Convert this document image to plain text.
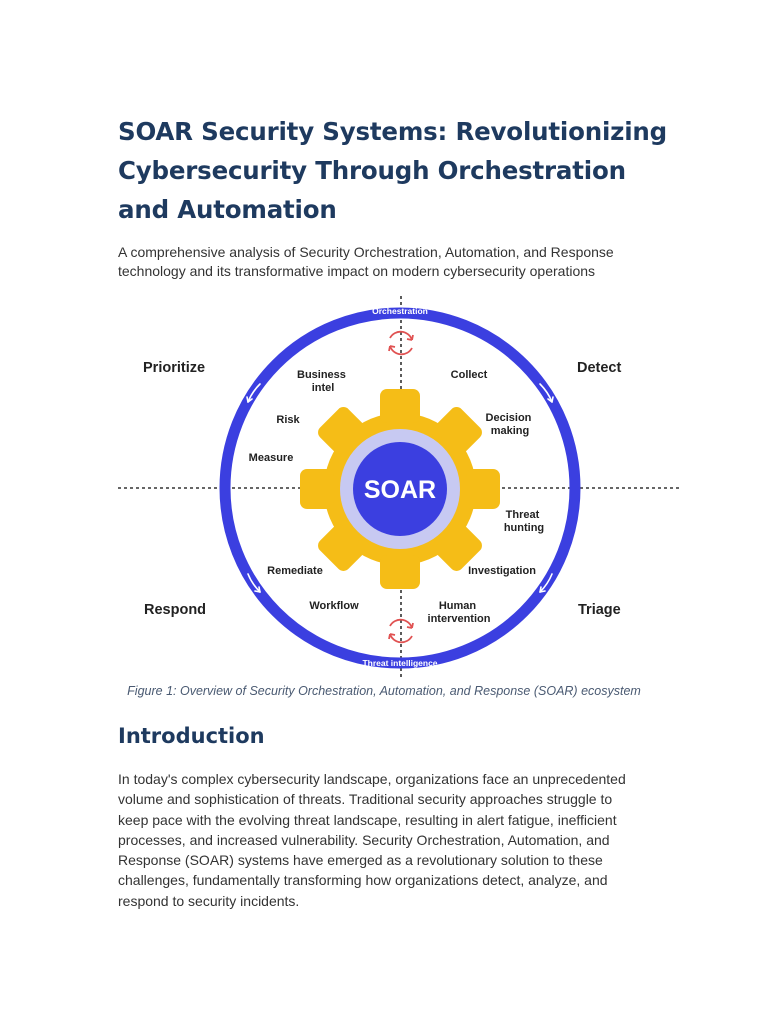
SOAR Security Systems: Revolutionizing Cybersecurity Through Orchestration and Automation

A comprehensive analysis of Security Orchestration, Automation, and Response technology and its transformative impact on modern cybersecurity operations

Orchestration
Threat intelligence
SOAR
Prioritize	Detect
Respond	Triage
Business intel
Collect
Risk	Decision making
Measure
Threat hunting
Remediate	Investigation
Workflow	Human intervention

Figure 1: Overview of Security Orchestration, Automation, and Response (SOAR) ecosystem

Introduction

In today's complex cybersecurity landscape, organizations face an unprecedented volume and sophistication of threats. Traditional security approaches struggle to keep pace with the evolving threat landscape, resulting in alert fatigue, inefficient processes, and increased vulnerability. Security Orchestration, Automation, and Response (SOAR) systems have emerged as a revolutionary solution to these challenges, fundamentally transforming how organizations detect, analyze, and respond to security incidents.
